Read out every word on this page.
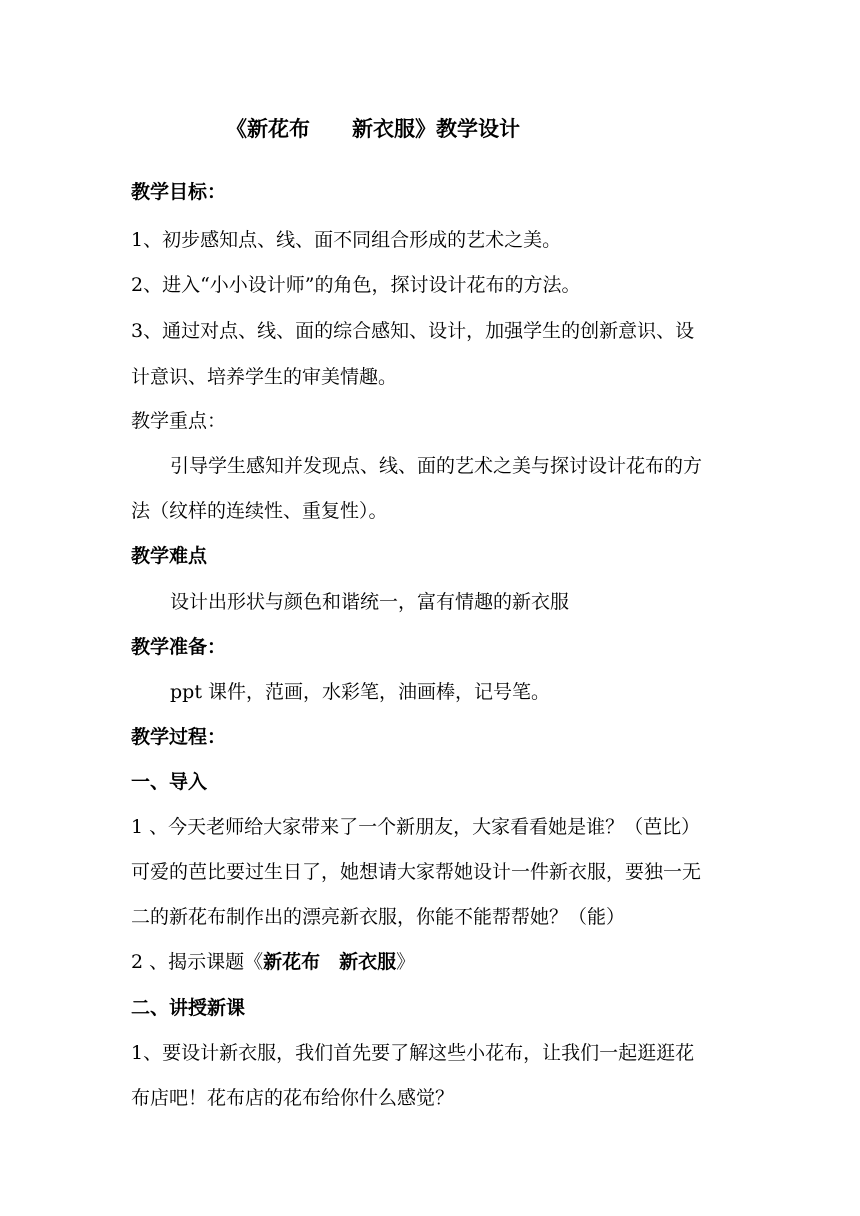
《新花布　　新衣服》教学设计
教学目标：
1、初步感知点、线、面不同组合形成的艺术之美。
2、进入“小小设计师”的角色，探讨设计花布的方法。
3、通过对点、线、面的综合感知、设计，加强学生的创新意识、设
计意识、培养学生的审美情趣。
教学重点：
引导学生感知并发现点、线、面的艺术之美与探讨设计花布的方
法（纹样的连续性、重复性）。
教学难点
设计出形状与颜色和谐统一，富有情趣的新衣服
教学准备：
ppt 课件，范画，水彩笔，油画棒，记号笔。
教学过程：
一、导入
1 、今天老师给大家带来了一个新朋友，大家看看她是谁？（芭比）
可爱的芭比要过生日了，她想请大家帮她设计一件新衣服，要独一无
二的新花布制作出的漂亮新衣服，你能不能帮帮她？（能）
2 、揭示课题《新花布　新衣服》
二、讲授新课
1、要设计新衣服，我们首先要了解这些小花布，让我们一起逛逛花
布店吧！花布店的花布给你什么感觉？
